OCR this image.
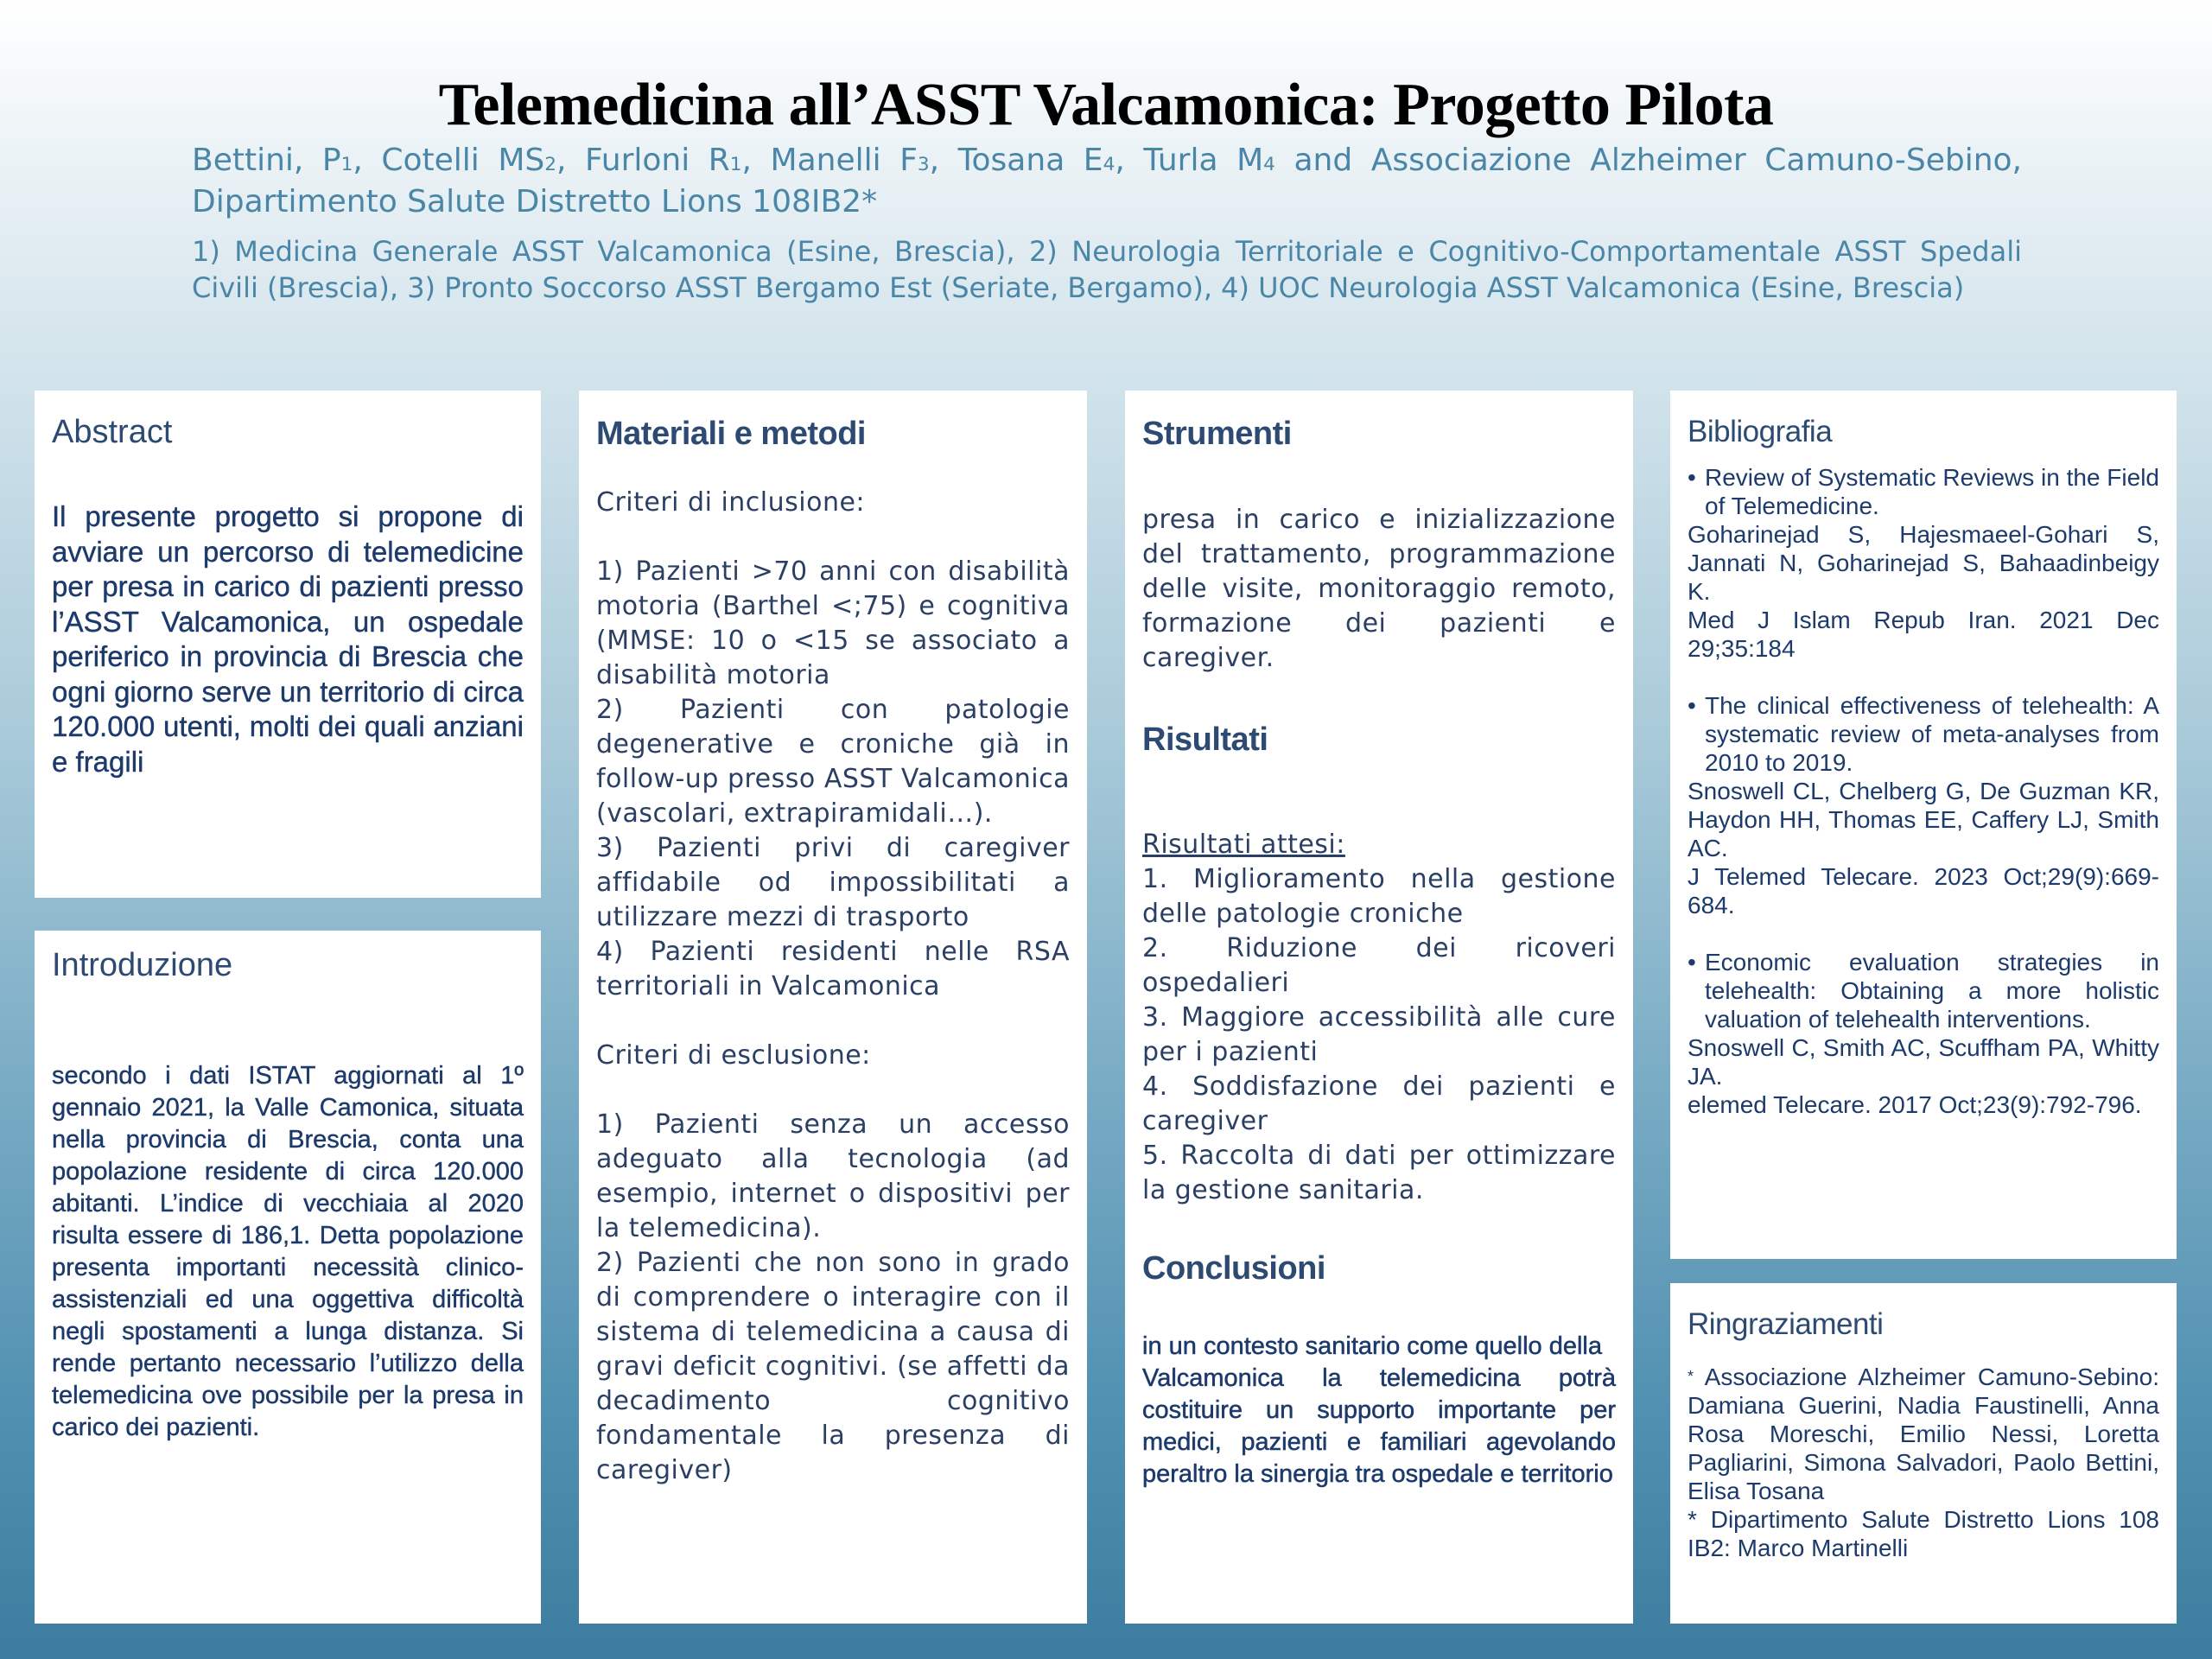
Telemedicina all’ASST Valcamonica: Progetto Pilota
Bettini, $P^1$, Cotelli $MS^2$, Furloni $R^1$, Manelli $F^3$, Tosana $E^4$, Turla $M^4$ and Associazione Alzheimer Camuno-Sebino, Dipartimento Salute Distretto Lions 108IB2*
1) Medicina Generale ASST Valcamonica (Esine, Brescia), 2) Neurologia Territoriale e Cognitivo-Comportamentale ASST Spedali Civili (Brescia), 3) Pronto Soccorso ASST Bergamo Est (Seriate, Bergamo), 4) UOC Neurologia ASST Valcamonica (Esine, Brescia)
Abstract
Il presente progetto si propone di avviare un percorso di telemedicine per presa in carico di pazienti presso l’ASST Valcamonica, un ospedale periferico in provincia di Brescia che ogni giorno serve un territorio di circa 120.000 utenti, molti dei quali anziani e fragili
Introduzione
secondo i dati ISTAT aggiornati al 1º gennaio 2021, la Valle Camonica, situata nella provincia di Brescia, conta una popolazione residente di circa 120.000 abitanti. L’indice di vecchiaia al 2020 risulta essere di 186,1. Detta popolazione presenta importanti necessità clinico-assistenziali ed una oggettiva difficoltà negli spostamenti a lunga distanza. Si rende pertanto necessario l’utilizzo della telemedicina ove possibile per la presa in carico dei pazienti.
Materiali e metodi
Criteri di inclusione:
1) Pazienti >70 anni con disabilità motoria (Barthel <;75) e cognitiva (MMSE: 10 o <15 se associato a disabilità motoria
2) Pazienti con patologie degenerative e croniche già in follow-up presso ASST Valcamonica (vascolari, extrapiramidali…).
3) Pazienti privi di caregiver affidabile od impossibilitati a utilizzare mezzi di trasporto
4) Pazienti residenti nelle RSA territoriali in Valcamonica
Criteri di esclusione:
1) Pazienti senza un accesso adeguato alla tecnologia (ad esempio, internet o dispositivi per la telemedicina).
2) Pazienti che non sono in grado di comprendere o interagire con il sistema di telemedicina a causa di gravi deficit cognitivi. (se affetti da decadimento cognitivo fondamentale la presenza di caregiver)
Strumenti
presa in carico e inizializzazione del trattamento, programmazione delle visite, monitoraggio remoto, formazione dei pazienti e caregiver.
Risultati
Risultati attesi:
1. Miglioramento nella gestione delle patologie croniche
2. Riduzione dei ricoveri ospedalieri
3. Maggiore accessibilità alle cure per i pazienti
4. Soddisfazione dei pazienti e caregiver
5. Raccolta di dati per ottimizzare la gestione sanitaria.
Conclusioni
in un contesto sanitario come quello della
Valcamonica la telemedicina potrà costituire un supporto importante per medici, pazienti e familiari agevolando peraltro la sinergia tra ospedale e territorio
Bibliografia
• Review of Systematic Reviews in the Field of Telemedicine.
Goharinejad S, Hajesmaeel-Gohari S, Jannati N, Goharinejad S, Bahaadinbeigy K.
Med J Islam Repub Iran. 2021 Dec 29;35:184
• The clinical effectiveness of telehealth: A systematic review of meta-analyses from 2010 to 2019.
Snoswell CL, Chelberg G, De Guzman KR, Haydon HH, Thomas EE, Caffery LJ, Smith AC.
J Telemed Telecare. 2023 Oct;29(9):669-684.
• Economic evaluation strategies in telehealth: Obtaining a more holistic valuation of telehealth interventions.
Snoswell C, Smith AC, Scuffham PA, Whitty JA.
elemed Telecare. 2017 Oct;23(9):792-796.
Ringraziamenti
* Associazione Alzheimer Camuno-Sebino: Damiana Guerini, Nadia Faustinelli, Anna Rosa Moreschi, Emilio Nessi, Loretta Pagliarini, Simona Salvadori, Paolo Bettini, Elisa Tosana
* Dipartimento Salute Distretto Lions 108 IB2: Marco Martinelli
